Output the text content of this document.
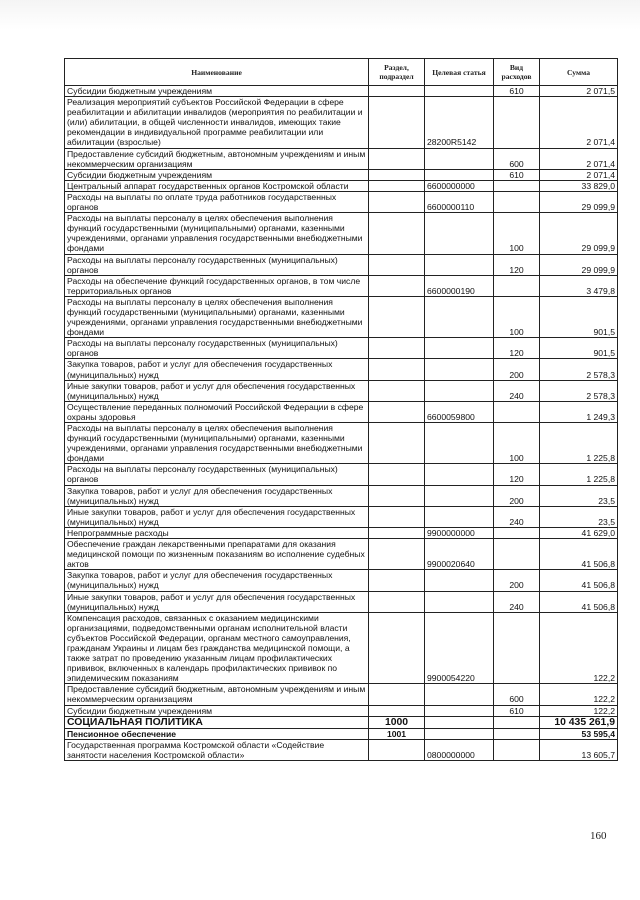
Наименование	Раздел, подраздел	Целевая статья	Вид расходов	Сумма
Субсидии бюджетным учреждениям			610	2 071,5
Реализация мероприятий субъектов Российской Федерации в сфере реабилитации и абилитации инвалидов (мероприятия по реабилитации и (или) абилитации, в общей численности инвалидов, имеющих такие рекомендации в индивидуальной программе реабилитации или абилитации (взрослые)		28200R5142		2 071,4
Предоставление субсидий бюджетным, автономным учреждениям и иным некоммерческим организациям			600	2 071,4
Субсидии бюджетным учреждениям			610	2 071,4
Центральный аппарат государственных органов Костромской области		6600000000		33 829,0
Расходы на выплаты по оплате труда работников государственных органов		6600000110		29 099,9
Расходы на выплаты персоналу в целях обеспечения выполнения функций государственными (муниципальными) органами, казенными учреждениями, органами управления государственными внебюджетными фондами			100	29 099,9
Расходы на выплаты персоналу государственных (муниципальных) органов			120	29 099,9
Расходы на обеспечение функций государственных органов, в том числе территориальных органов		6600000190		3 479,8
Расходы на выплаты персоналу в целях обеспечения выполнения функций государственными (муниципальными) органами, казенными учреждениями, органами управления государственными внебюджетными фондами			100	901,5
Расходы на выплаты персоналу государственных (муниципальных) органов			120	901,5
Закупка товаров, работ и услуг для обеспечения государственных (муниципальных) нужд			200	2 578,3
Иные закупки товаров, работ и услуг для обеспечения государственных (муниципальных) нужд			240	2 578,3
Осуществление переданных полномочий Российской Федерации в сфере охраны здоровья		6600059800		1 249,3
Расходы на выплаты персоналу в целях обеспечения выполнения функций государственными (муниципальными) органами, казенными учреждениями, органами управления государственными внебюджетными фондами			100	1 225,8
Расходы на выплаты персоналу государственных (муниципальных) органов			120	1 225,8
Закупка товаров, работ и услуг для обеспечения государственных (муниципальных) нужд			200	23,5
Иные закупки товаров, работ и услуг для обеспечения государственных (муниципальных) нужд			240	23,5
Непрограммные расходы		9900000000		41 629,0
Обеспечение граждан лекарственными препаратами для оказания медицинской помощи по жизненным показаниям во исполнение судебных актов		9900020640		41 506,8
Закупка товаров, работ и услуг для обеспечения государственных (муниципальных) нужд			200	41 506,8
Иные закупки товаров, работ и услуг для обеспечения государственных (муниципальных) нужд			240	41 506,8
Компенсация расходов, связанных с оказанием медицинскими организациями, подведомственными органам исполнительной власти субъектов Российской Федерации, органам местного самоуправления, гражданам Украины и лицам без гражданства медицинской помощи, а также затрат по проведению указанным лицам профилактических прививок, включенных в календарь профилактических прививок по эпидемическим показаниям		9900054220		122,2
Предоставление субсидий бюджетным, автономным учреждениям и иным некоммерческим организациям			600	122,2
Субсидии бюджетным учреждениям			610	122,2
СОЦИАЛЬНАЯ ПОЛИТИКА	1000			10 435 261,9
Пенсионное обеспечение	1001			53 595,4
Государственная программа Костромской области «Содействие занятости населения Костромской области»		0800000000		13 605,7
160
